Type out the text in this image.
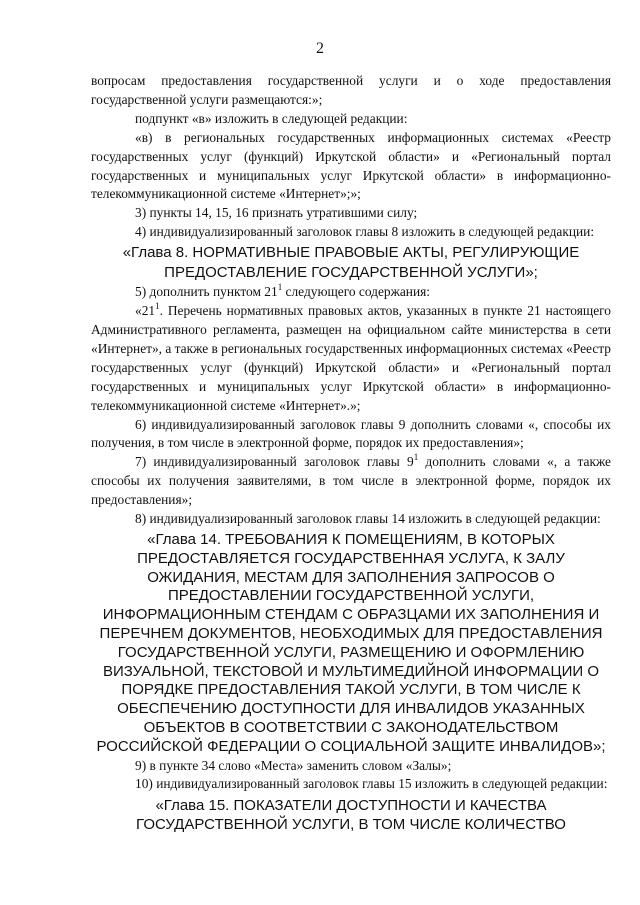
2

вопросам предоставления государственной услуги и о ходе предоставления государственной услуги размещаются:»;

подпункт «в» изложить в следующей редакции:

«в) в региональных государственных информационных системах «Реестр государственных услуг (функций) Иркутской области» и «Региональный портал государственных и муниципальных услуг Иркутской области» в информационно-телекоммуникационной системе «Интернет»;»;

3) пункты 14, 15, 16 признать утратившими силу;

4) индивидуализированный заголовок главы 8 изложить в следующей редакции:

«Глава 8. НОРМАТИВНЫЕ ПРАВОВЫЕ АКТЫ, РЕГУЛИРУЮЩИЕ ПРЕДОСТАВЛЕНИЕ ГОСУДАРСТВЕННОЙ УСЛУГИ»;

5) дополнить пунктом $21^1$ следующего содержания:

«$21^1$. Перечень нормативных правовых актов, указанных в пункте 21 настоящего Административного регламента, размещен на официальном сайте министерства в сети «Интернет», а также в региональных государственных информационных системах «Реестр государственных услуг (функций) Иркутской области» и «Региональный портал государственных и муниципальных услуг Иркутской области» в информационно-телекоммуникационной системе «Интернет».»;

6) индивидуализированный заголовок главы 9 дополнить словами «, способы их получения, в том числе в электронной форме, порядок их предоставления»;

7) индивидуализированный заголовок главы $9^1$ дополнить словами «, а также способы их получения заявителями, в том числе в электронной форме, порядок их предоставления»;

8) индивидуализированный заголовок главы 14 изложить в следующей редакции:

«Глава 14. ТРЕБОВАНИЯ К ПОМЕЩЕНИЯМ, В КОТОРЫХ ПРЕДОСТАВЛЯЕТСЯ ГОСУДАРСТВЕННАЯ УСЛУГА, К ЗАЛУ ОЖИДАНИЯ, МЕСТАМ ДЛЯ ЗАПОЛНЕНИЯ ЗАПРОСОВ О ПРЕДОСТАВЛЕНИИ ГОСУДАРСТВЕННОЙ УСЛУГИ, ИНФОРМАЦИОННЫМ СТЕНДАМ С ОБРАЗЦАМИ ИХ ЗАПОЛНЕНИЯ И ПЕРЕЧНЕМ ДОКУМЕНТОВ, НЕОБХОДИМЫХ ДЛЯ ПРЕДОСТАВЛЕНИЯ ГОСУДАРСТВЕННОЙ УСЛУГИ, РАЗМЕЩЕНИЮ И ОФОРМЛЕНИЮ ВИЗУАЛЬНОЙ, ТЕКСТОВОЙ И МУЛЬТИМЕДИЙНОЙ ИНФОРМАЦИИ О ПОРЯДКЕ ПРЕДОСТАВЛЕНИЯ ТАКОЙ УСЛУГИ, В ТОМ ЧИСЛЕ К ОБЕСПЕЧЕНИЮ ДОСТУПНОСТИ ДЛЯ ИНВАЛИДОВ УКАЗАННЫХ ОБЪЕКТОВ В СООТВЕТСТВИИ С ЗАКОНОДАТЕЛЬСТВОМ РОССИЙСКОЙ ФЕДЕРАЦИИ О СОЦИАЛЬНОЙ ЗАЩИТЕ ИНВАЛИДОВ»;

9) в пункте 34 слово «Места» заменить словом «Залы»;

10) индивидуализированный заголовок главы 15 изложить в следующей редакции:

«Глава 15. ПОКАЗАТЕЛИ ДОСТУПНОСТИ И КАЧЕСТВА ГОСУДАРСТВЕННОЙ УСЛУГИ, В ТОМ ЧИСЛЕ КОЛИЧЕСТВО
